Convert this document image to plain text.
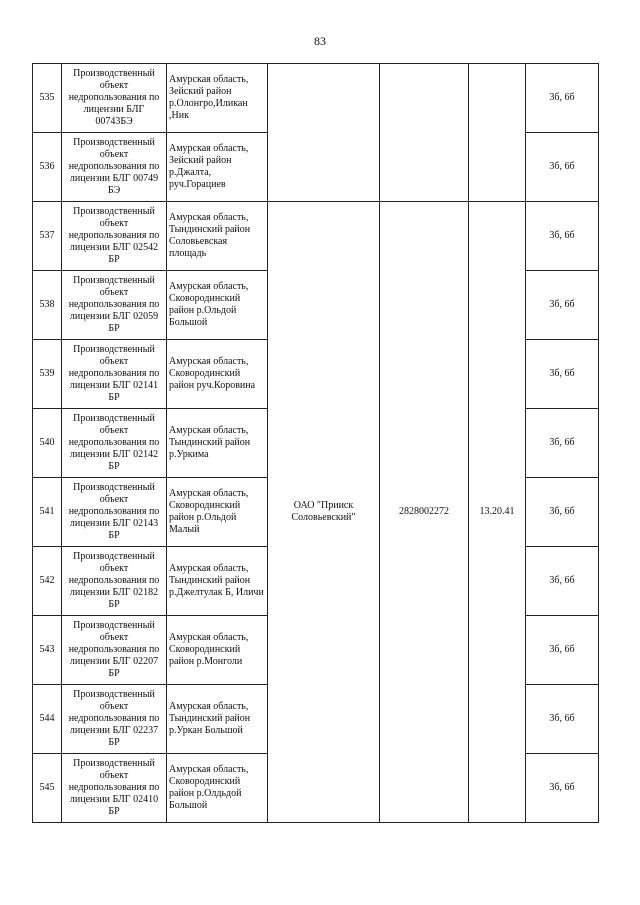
83
535	Производственный объект недропользования по лицензии БЛГ 00743БЭ	Амурская область, Зейский район р.Олонгро,Иликан ,Ник				3б, 6б
536	Производственный объект недропользования по лицензии БЛГ 00749 БЭ	Амурская область, Зейский район р.Джалта, руч.Горациев				3б, 6б
537	Производственный объект недропользования по лицензии БЛГ 02542 БР	Амурская область, Тындинский район Соловьевская площадь	ОАО "Прииск Соловьевский"	2828002272	13.20.41	3б, 6б
538	Производственный объект недропользования по лицензии БЛГ 02059 БР	Амурская область, Сковородинский район р.Ольдой Большой				3б, 6б
539	Производственный объект недропользования по лицензии БЛГ 02141 БР	Амурская область, Сковородинский район руч.Коровина				3б, 6б
540	Производственный объект недропользования по лицензии БЛГ 02142 БР	Амурская область, Тындинский район р.Уркима				3б, 6б
541	Производственный объект недропользования по лицензии БЛГ 02143 БР	Амурская область, Сковородинский район р.Ольдой Малый				3б, 6б
542	Производственный объект недропользования по лицензии БЛГ 02182 БР	Амурская область, Тындинский район р.Джелтулак Б, Иличи				3б, 6б
543	Производственный объект недропользования по лицензии БЛГ 02207 БР	Амурская область, Сковородинский район р.Монголи				3б, 6б
544	Производственный объект недропользования по лицензии БЛГ 02237 БР	Амурская область, Тындинский район р.Уркан Большой				3б, 6б
545	Производственный объект недропользования по лицензии БЛГ 02410 БР	Амурская область, Сковородинский район р.Олдьдой Большой				3б, 6б
